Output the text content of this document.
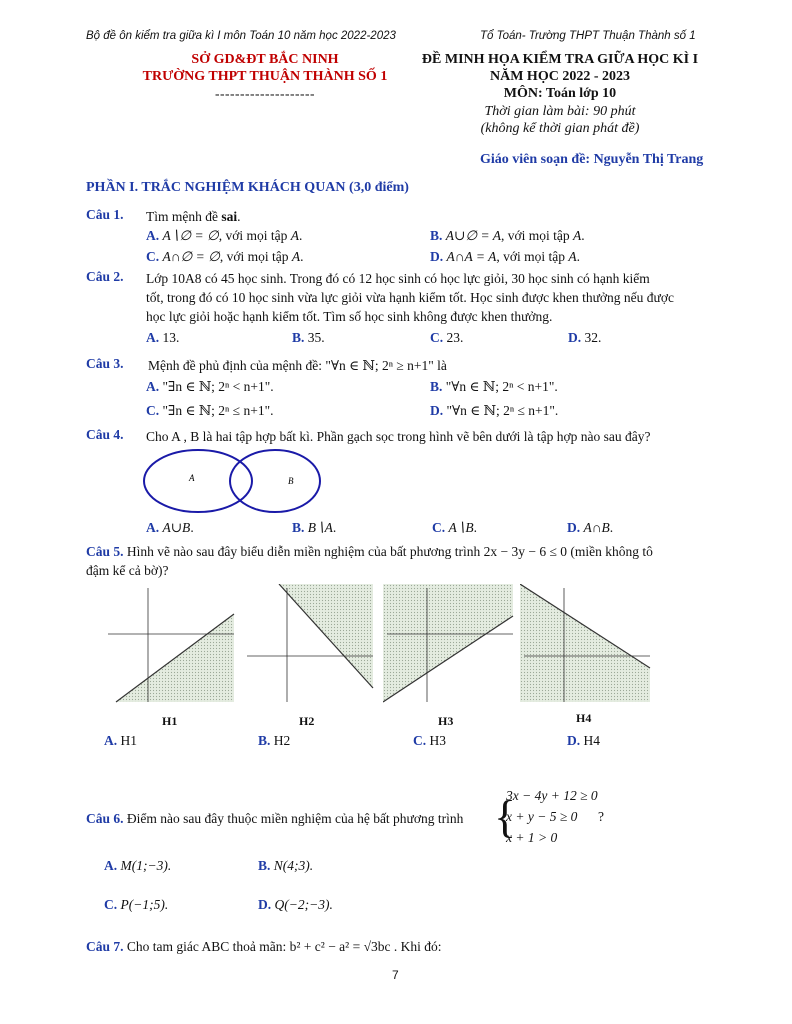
Bộ đề ôn kiểm tra giữa kì I môn Toán 10 năm học 2022-2023	Tổ Toán- Trường THPT Thuận Thành số 1
SỞ GD&ĐT BẮC NINH
TRƯỜNG THPT THUẬN THÀNH SỐ 1
--------------------
ĐỀ MINH HỌA KIỂM TRA GIỮA HỌC KÌ I
NĂM HỌC 2022 - 2023
MÔN: Toán lớp 10
Thời gian làm bài: 90 phút
(không kể thời gian phát đề)
Giáo viên soạn đề: Nguyễn Thị Trang
PHẦN I. TRẮC NGHIỆM KHÁCH QUAN (3,0 điểm)
Câu 1. Tìm mệnh đề sai.
A. A∖∅ = ∅, với mọi tập A.	B. A∪∅ = A, với mọi tập A.
C. A∩∅ = ∅, với mọi tập A.	D. A∩A = A, với mọi tập A.
Câu 2. Lớp 10A8 có 45 học sinh. Trong đó có 12 học sinh có học lực giỏi, 30 học sinh có hạnh kiểm
tốt, trong đó có 10 học sinh vừa lực giỏi vừa hạnh kiểm tốt. Học sinh được khen thưởng nếu được
học lực giỏi hoặc hạnh kiểm tốt. Tìm số học sinh không được khen thưởng.
A. 13.	B. 35.	C. 23.	D. 32.
Câu 3. Mệnh đề phủ định của mệnh đề: "∀n ∈ ℕ; 2ⁿ ≥ n+1" là
A. "∃n ∈ ℕ; 2ⁿ < n+1".	B. "∀n ∈ ℕ; 2ⁿ < n+1".
C. "∃n ∈ ℕ; 2ⁿ ≤ n+1".	D. "∀n ∈ ℕ; 2ⁿ ≤ n+1".
Câu 4. Cho A , B là hai tập hợp bất kì. Phần gạch sọc trong hình vẽ bên dưới là tập hợp nào sau đây?
A	B
A. A∪B.	B. B∖A.	C. A∖B.	D. A∩B.
Câu 5. Hình vẽ nào sau đây biểu diễn miền nghiệm của bất phương trình 2x − 3y − 6 ≤ 0 (miền không tô
đậm kể cả bờ)?
H1	H2	H3	H4
A. H1	B. H2	C. H3	D. H4
Câu 6. Điểm nào sau đây thuộc miền nghiệm của hệ bất phương trình {
3x − 4y + 12 ≥ 0
x + y − 5 ≥ 0
x + 1 > 0
?
A. M(1;−3).	B. N(4;3).
C. P(−1;5).	D. Q(−2;−3).
Câu 7. Cho tam giác ABC thoả mãn: b² + c² − a² = √3bc . Khi đó:
7
